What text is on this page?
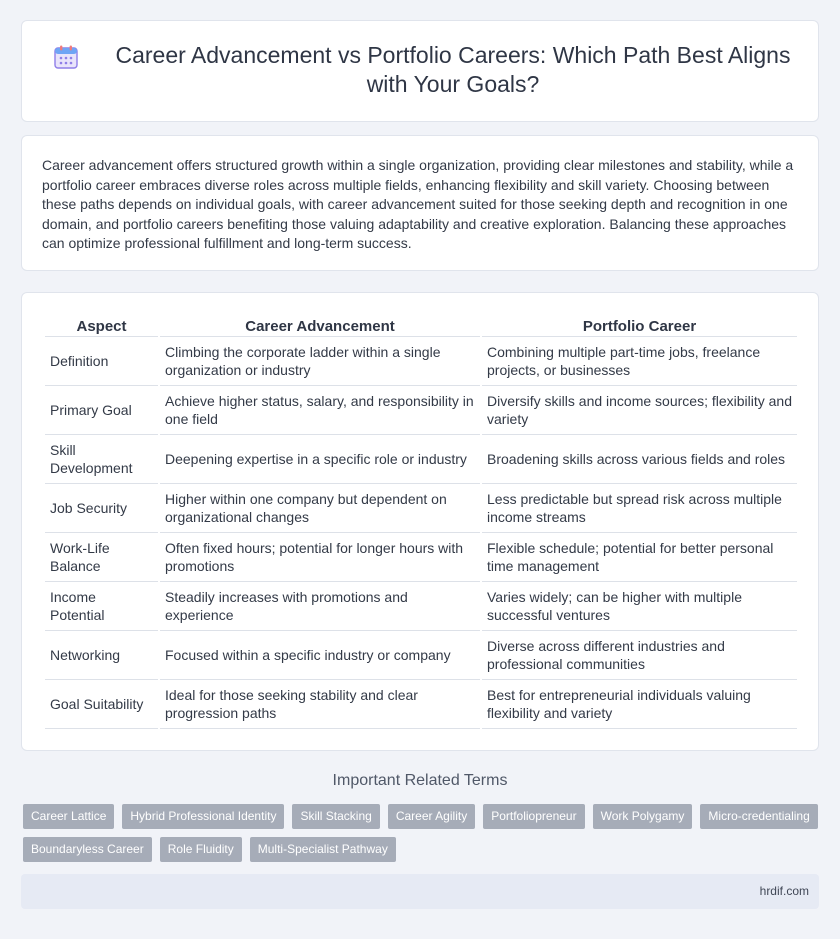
Career Advancement vs Portfolio Careers: Which Path Best Aligns with Your Goals?

Career advancement offers structured growth within a single organization, providing clear milestones and stability, while a portfolio career embraces diverse roles across multiple fields, enhancing flexibility and skill variety. Choosing between these paths depends on individual goals, with career advancement suited for those seeking depth and recognition in one domain, and portfolio careers benefiting those valuing adaptability and creative exploration. Balancing these approaches can optimize professional fulfillment and long-term success.

Aspect	Career Advancement	Portfolio Career
Definition	Climbing the corporate ladder within a single organization or industry	Combining multiple part-time jobs, freelance projects, or businesses
Primary Goal	Achieve higher status, salary, and responsibility in one field	Diversify skills and income sources; flexibility and variety
Skill Development	Deepening expertise in a specific role or industry	Broadening skills across various fields and roles
Job Security	Higher within one company but dependent on organizational changes	Less predictable but spread risk across multiple income streams
Work-Life Balance	Often fixed hours; potential for longer hours with promotions	Flexible schedule; potential for better personal time management
Income Potential	Steadily increases with promotions and experience	Varies widely; can be higher with multiple successful ventures
Networking	Focused within a specific industry or company	Diverse across different industries and professional communities
Goal Suitability	Ideal for those seeking stability and clear progression paths	Best for entrepreneurial individuals valuing flexibility and variety
Important Related Terms
Career Lattice	Hybrid Professional Identity	Skill Stacking	Career Agility	Portfoliopreneur	Work Polygamy	Micro-credentialing
Boundaryless Career	Role Fluidity	Multi-Specialist Pathway
hrdif.com
